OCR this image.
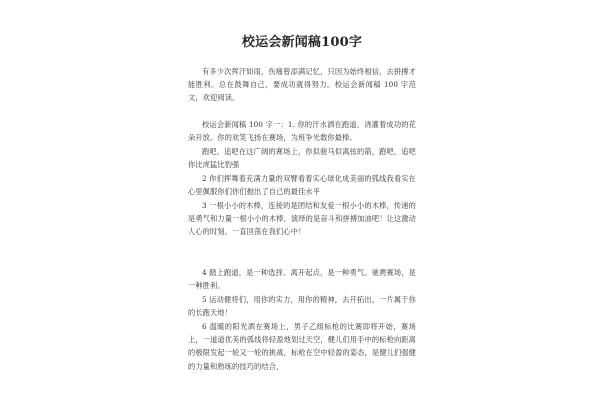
校运会新闻稿100字
有多少次挥汗如雨，伤痛曾添满记忆，只因为始终相信，去拼搏才能胜利。总在鼓舞自己，要成功就得努力。校运会新闻稿 100 字范文，欢迎阅读。
校运会新闻稿 100 字一：1. 你的汗水洒在跑道，浇灌着成功的花朵开放。你的欢笑飞扬在赛场，为班争光数你最棒。
跑吧，追吧在这广阔的赛场上，你似骏马似离弦的箭，跑吧，追吧你比虎猛比豹强
2 你们挥舞着充满力量的双臂看着实心球化成美丽的弧线我看实在心里佩服你们你们抛出了自己的最佳水平
3 一根小小的木棒，连接的是团结和友爱一根小小的木棒，传递的是勇气和力量一根小小的木棒，演绎的是奋斗和拼搏加油吧！让这激动人心的时刻，一直回荡在我们心中！
4 踏上跑道，是一种选择。离开起点，是一种勇气。驰骋赛场，是一种胜利。
5 运动健将们，用你的实力，用你的精神，去开拓出，一片属于你的长跑天地！
6 温暖的阳光洒在赛场上，男子乙组标枪的比赛即将开始，赛场上，一道道优美的弧线将轻盈地划过天空，健儿们用手中的标枪向距离的极限发起一轮又一轮的挑战，标枪在空中轻盈的姿态，是健儿们强健的力量和熟练的技巧的结合，
